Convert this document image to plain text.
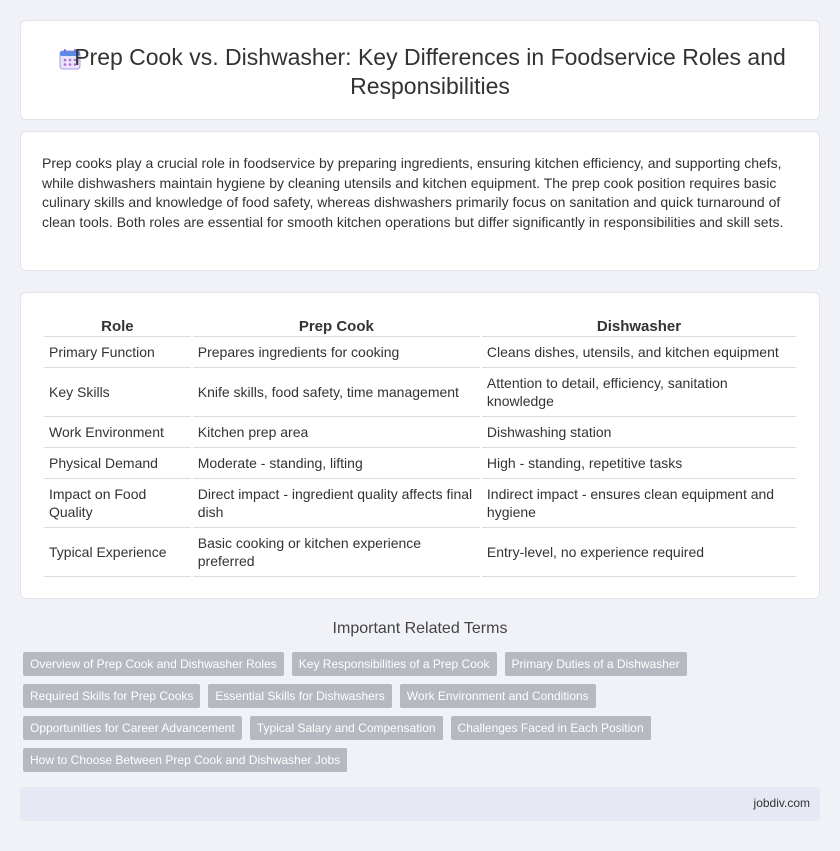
Prep Cook vs. Dishwasher: Key Differences in Foodservice Roles and Responsibilities

Prep cooks play a crucial role in foodservice by preparing ingredients, ensuring kitchen efficiency, and supporting chefs, while dishwashers maintain hygiene by cleaning utensils and kitchen equipment. The prep cook position requires basic culinary skills and knowledge of food safety, whereas dishwashers primarily focus on sanitation and quick turnaround of clean tools. Both roles are essential for smooth kitchen operations but differ significantly in responsibilities and skill sets.

Role	Prep Cook	Dishwasher
Primary Function	Prepares ingredients for cooking	Cleans dishes, utensils, and kitchen equipment
Key Skills	Knife skills, food safety, time management	Attention to detail, efficiency, sanitation knowledge
Work Environment	Kitchen prep area	Dishwashing station
Physical Demand	Moderate - standing, lifting	High - standing, repetitive tasks
Impact on Food Quality	Direct impact - ingredient quality affects final dish	Indirect impact - ensures clean equipment and hygiene
Typical Experience	Basic cooking or kitchen experience preferred	Entry-level, no experience required
Important Related Terms
Overview of Prep Cook and Dishwasher Roles	Key Responsibilities of a Prep Cook	Primary Duties of a Dishwasher
Required Skills for Prep Cooks	Essential Skills for Dishwashers	Work Environment and Conditions
Opportunities for Career Advancement	Typical Salary and Compensation	Challenges Faced in Each Position
How to Choose Between Prep Cook and Dishwasher Jobs
jobdiv.com
